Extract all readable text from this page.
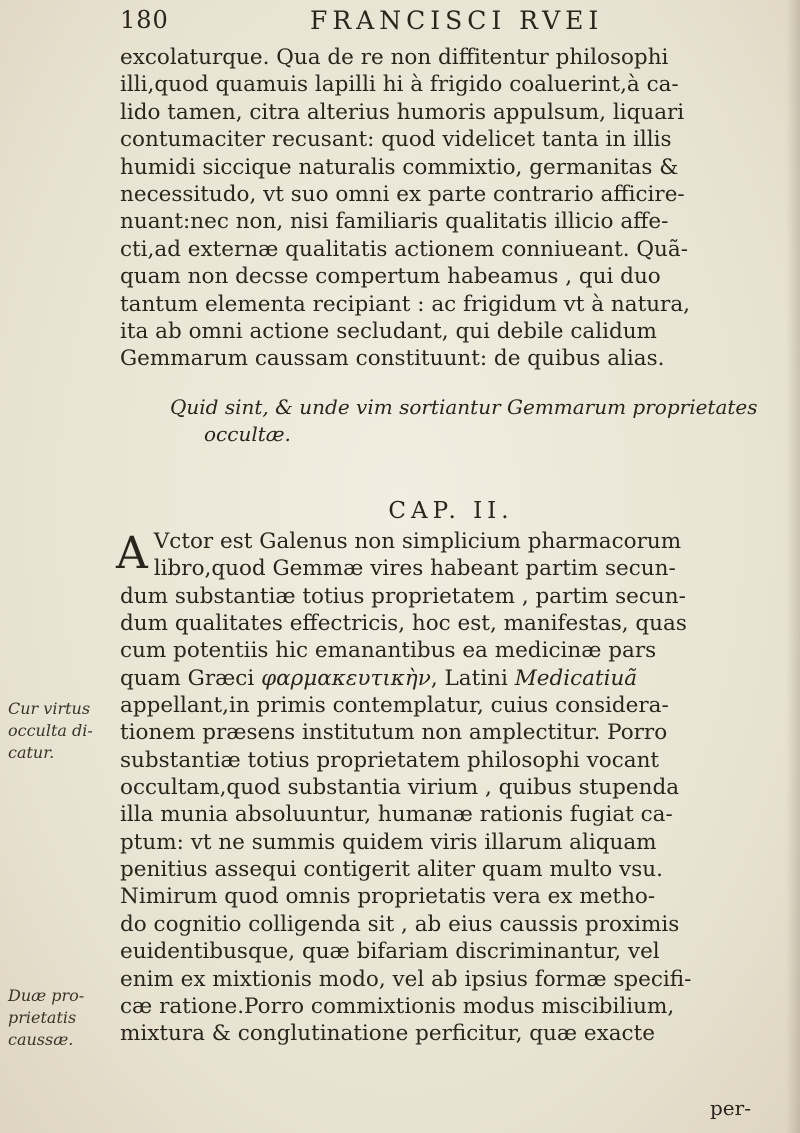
180	FRANCISCI RVEI
excolaturque. Qua de re non diffitentur philosophi
illi,quod quamuis lapilli hi à frigido coaluerint,à ca-
lido tamen, citra alterius humoris appulsum, liquari
contumaciter recusant: quod videlicet tanta in illis
humidi siccique naturalis commixtio, germanitas &
necessitudo, vt suo omni ex parte contrario afficire-
nuant:nec non, nisi familiaris qualitatis illicio affe-
cti,ad externæ qualitatis actionem conniueant. Quã-
quam non decsse compertum habeamus , qui duo
tantum elementa recipiant : ac frigidum vt à natura,
ita ab omni actione secludant, qui debile calidum
Gemmarum caussam constituunt: de quibus alias.
Quid sint, & unde vim sortiantur Gemmarum proprietates
occultæ.
CAP. II.
A Vctor est Galenus non simplicium pharmacorum
libro,quod Gemmæ vires habeant partim secun-
dum substantiæ totius proprietatem , partim secun-
dum qualitates effectricis, hoc est, manifestas, quas
cum potentiis hic emanantibus ea medicinæ pars
quam Græci φαρμακευτικὴν, Latini Medicatiuã
appellant,in primis contemplatur, cuius considera-
tionem præsens institutum non amplectitur. Porro
substantiæ totius proprietatem philosophi vocant
occultam,quod substantia virium , quibus stupenda
illa munia absoluuntur, humanæ rationis fugiat ca-
ptum: vt ne summis quidem viris illarum aliquam
penitius assequi contigerit aliter quam multo vsu.
Nimirum quod omnis proprietatis vera ex metho-
do cognitio colligenda sit , ab eius caussis proximis
euidentibusque, quæ bifariam discriminantur, vel
enim ex mixtionis modo, vel ab ipsius formæ specifi-
cæ ratione.Porro commixtionis modus miscibilium,
mixtura & conglutinatione perficitur, quæ exacte
Cur virtus
occulta di-
catur.
Duæ pro-
prietatis
caussæ.
per-
